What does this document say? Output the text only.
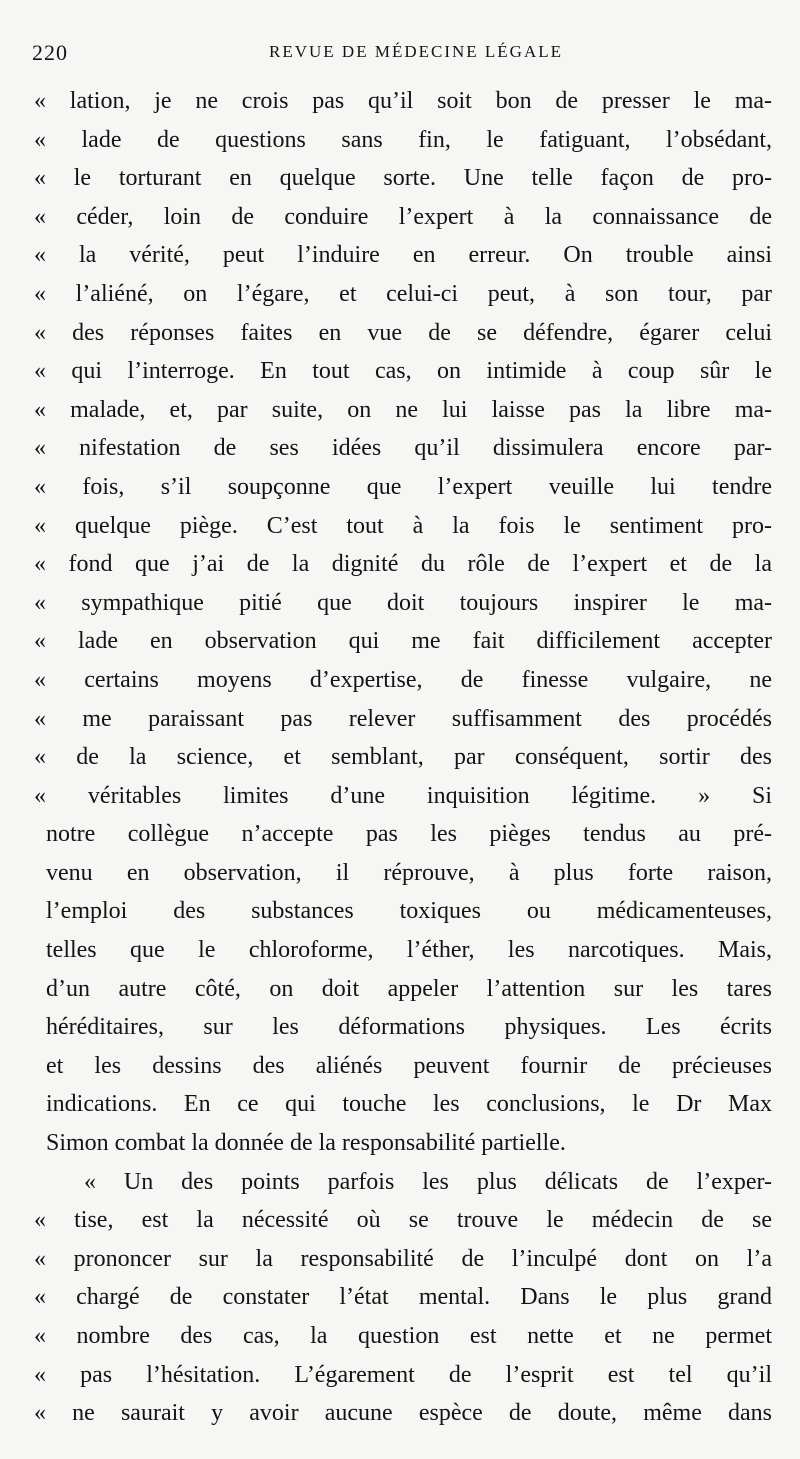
220	REVUE DE MÉDECINE LÉGALE
« lation, je ne crois pas qu’il soit bon de presser le ma-
« lade de questions sans fin, le fatiguant, l’obsédant,
« le torturant en quelque sorte. Une telle façon de pro-
« céder, loin de conduire l’expert à la connaissance de
« la vérité, peut l’induire en erreur. On trouble ainsi
« l’aliéné, on l’égare, et celui-ci peut, à son tour, par
« des réponses faites en vue de se défendre, égarer celui
« qui l’interroge. En tout cas, on intimide à coup sûr le
« malade, et, par suite, on ne lui laisse pas la libre ma-
« nifestation de ses idées qu’il dissimulera encore par-
« fois, s’il soupçonne que l’expert veuille lui tendre
« quelque piège. C’est tout à la fois le sentiment pro-
« fond que j’ai de la dignité du rôle de l’expert et de la
« sympathique pitié que doit toujours inspirer le ma-
« lade en observation qui me fait difficilement accepter
« certains moyens d’expertise, de finesse vulgaire, ne
« me paraissant pas relever suffisamment des procédés
« de la science, et semblant, par conséquent, sortir des
« véritables limites d’une inquisition légitime. » Si
notre collègue n’accepte pas les pièges tendus au pré-
venu en observation, il réprouve, à plus forte raison,
l’emploi des substances toxiques ou médicamenteuses,
telles que le chloroforme, l’éther, les narcotiques. Mais,
d’un autre côté, on doit appeler l’attention sur les tares
héréditaires, sur les déformations physiques. Les écrits
et les dessins des aliénés peuvent fournir de précieuses
indications. En ce qui touche les conclusions, le Dr Max
Simon combat la donnée de la responsabilité partielle.
« Un des points parfois les plus délicats de l’exper-
« tise, est la nécessité où se trouve le médecin de se
« prononcer sur la responsabilité de l’inculpé dont on l’a
« chargé de constater l’état mental. Dans le plus grand
« nombre des cas, la question est nette et ne permet
« pas l’hésitation. L’égarement de l’esprit est tel qu’il
« ne saurait y avoir aucune espèce de doute, même dans
